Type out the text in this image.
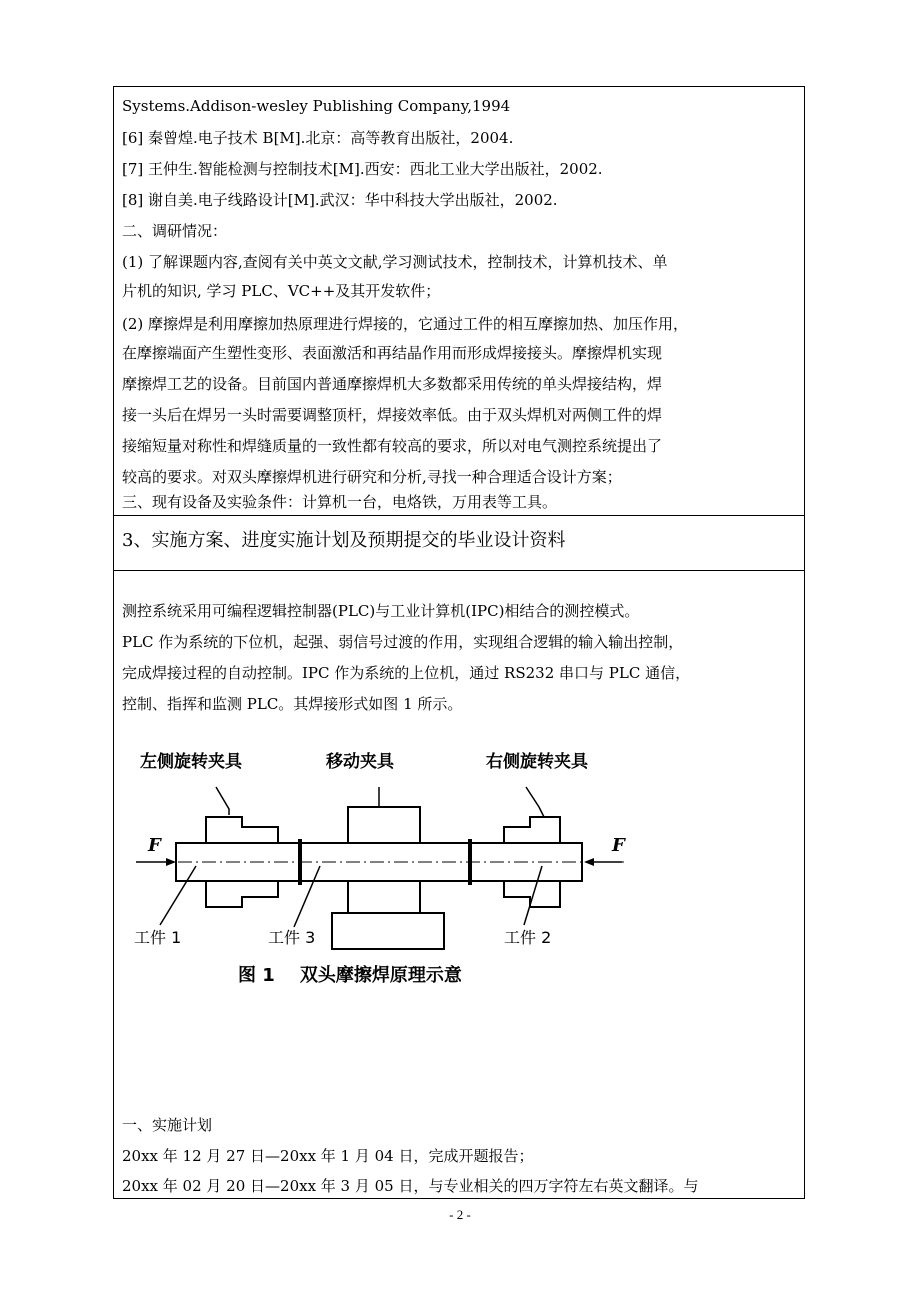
Systems.Addison-wesley Publishing Company,1994
[6] 秦曾煌.电子技术 B[M].北京：高等教育出版社，2004.
[7] 王仲生.智能检测与控制技术[M].西安：西北工业大学出版社，2002.
[8] 谢自美.电子线路设计[M].武汉：华中科技大学出版社，2002.
二、调研情况：
(1) 了解课题内容,查阅有关中英文文献,学习测试技术，控制技术，计算机技术、单
片机的知识, 学习 PLC、VC++及其开发软件；
(2) 摩擦焊是利用摩擦加热原理进行焊接的，它通过工件的相互摩擦加热、加压作用，
在摩擦端面产生塑性变形、表面激活和再结晶作用而形成焊接接头。摩擦焊机实现
摩擦焊工艺的设备。目前国内普通摩擦焊机大多数都采用传统的单头焊接结构，焊
接一头后在焊另一头时需要调整顶杆，焊接效率低。由于双头焊机对两侧工件的焊
接缩短量对称性和焊缝质量的一致性都有较高的要求，所以对电气测控系统提出了
较高的要求。对双头摩擦焊机进行研究和分析,寻找一种合理适合设计方案；
三、现有设备及实验条件：计算机一台，电烙铁，万用表等工具。
3、实施方案、进度实施计划及预期提交的毕业设计资料
测控系统采用可编程逻辑控制器(PLC)与工业计算机(IPC)相结合的测控模式。
PLC 作为系统的下位机，起强、弱信号过渡的作用，实现组合逻辑的输入输出控制，
完成焊接过程的自动控制。IPC 作为系统的上位机，通过 RS232 串口与 PLC 通信，
控制、指挥和监测 PLC。其焊接形式如图 1 所示。
左侧旋转夹具	移动夹具	右侧旋转夹具
F	F
工件 1	工件 3	工件 2
图 1    双头摩擦焊原理示意
一、实施计划
20xx 年 12 月 27 日—20xx 年 1 月 04 日，完成开题报告；
20xx 年 02 月 20 日—20xx 年 3 月 05 日，与专业相关的四万字符左右英文翻译。与
- 2 -
